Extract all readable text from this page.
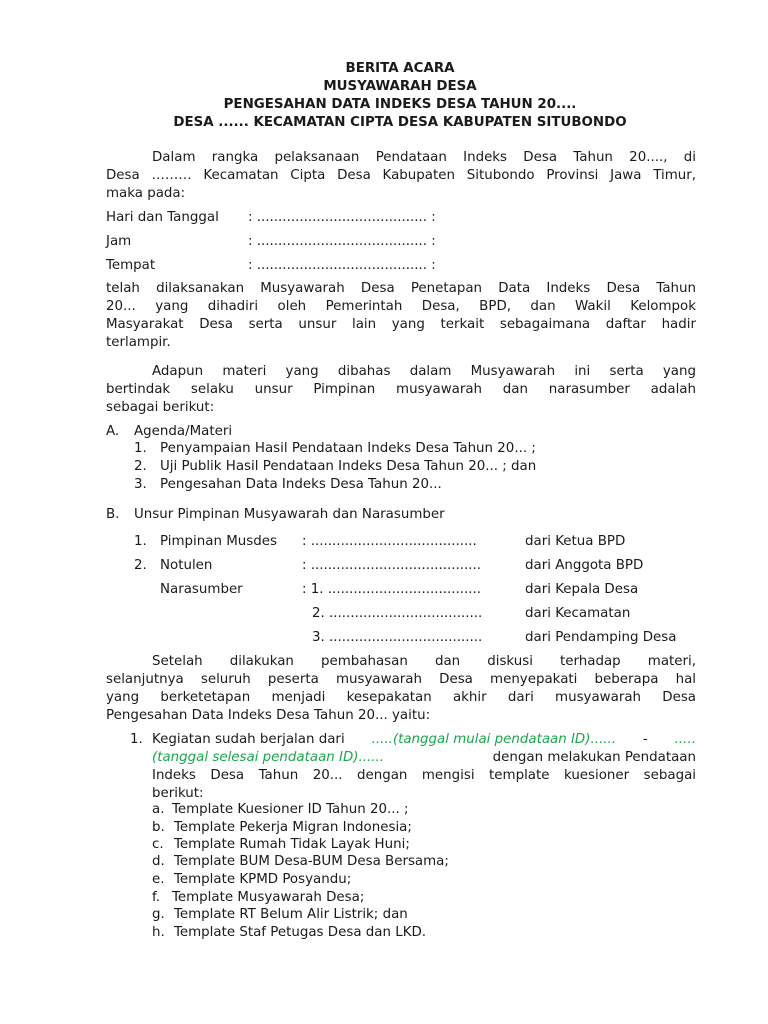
BERITA ACARA
MUSYAWARAH DESA
PENGESAHAN DATA INDEKS DESA TAHUN 20....
DESA ...... KECAMATAN CIPTA DESA KABUPATEN SITUBONDO
Dalam rangka pelaksanaan Pendataan Indeks Desa Tahun 20...., di
Desa ……… Kecamatan Cipta Desa Kabupaten Situbondo Provinsi Jawa Timur,
maka pada:
Hari dan Tanggal : ........................................ :
Jam	: ........................................ :
Tempat	: ........................................ :
telah dilaksanakan Musyawarah Desa Penetapan Data Indeks Desa Tahun
20... yang dihadiri oleh Pemerintah Desa, BPD, dan Wakil Kelompok
Masyarakat Desa serta unsur lain yang terkait sebagaimana daftar hadir
terlampir.
Adapun materi yang dibahas dalam Musyawarah ini serta yang
bertindak selaku unsur Pimpinan musyawarah dan narasumber adalah
sebagai berikut:
A. Agenda/Materi
1. Penyampaian Hasil Pendataan Indeks Desa Tahun 20... ;
2. Uji Publik Hasil Pendataan Indeks Desa Tahun 20... ; dan
3. Pengesahan Data Indeks Desa Tahun 20...
B. Unsur Pimpinan Musyawarah dan Narasumber
1. Pimpinan Musdes : .......................................	dari Ketua BPD
2. Notulen	: ........................................	dari Anggota BPD
Narasumber	: 1. ....................................	dari Kepala Desa
2. ....................................	dari Kecamatan
3. ....................................	dari Pendamping Desa
Setelah dilakukan pembahasan dan diskusi terhadap materi,
selanjutnya seluruh peserta musyawarah Desa menyepakati beberapa hal
yang berketetapan menjadi kesepakatan akhir dari musyawarah Desa
Pengesahan Data Indeks Desa Tahun 20... yaitu:
1. Kegiatan sudah berjalan dari .....(tanggal mulai pendataan ID)...... - .....
(tanggal selesai pendataan ID)......	dengan melakukan Pendataan
Indeks Desa Tahun 20... dengan mengisi template kuesioner sebagai
berikut:
a. Template Kuesioner ID Tahun 20... ;
b. Template Pekerja Migran Indonesia;
c. Template Rumah Tidak Layak Huni;
d. Template BUM Desa-BUM Desa Bersama;
e. Template KPMD Posyandu;
f. Template Musyawarah Desa;
g. Template RT Belum Alir Listrik; dan
h. Template Staf Petugas Desa dan LKD.
